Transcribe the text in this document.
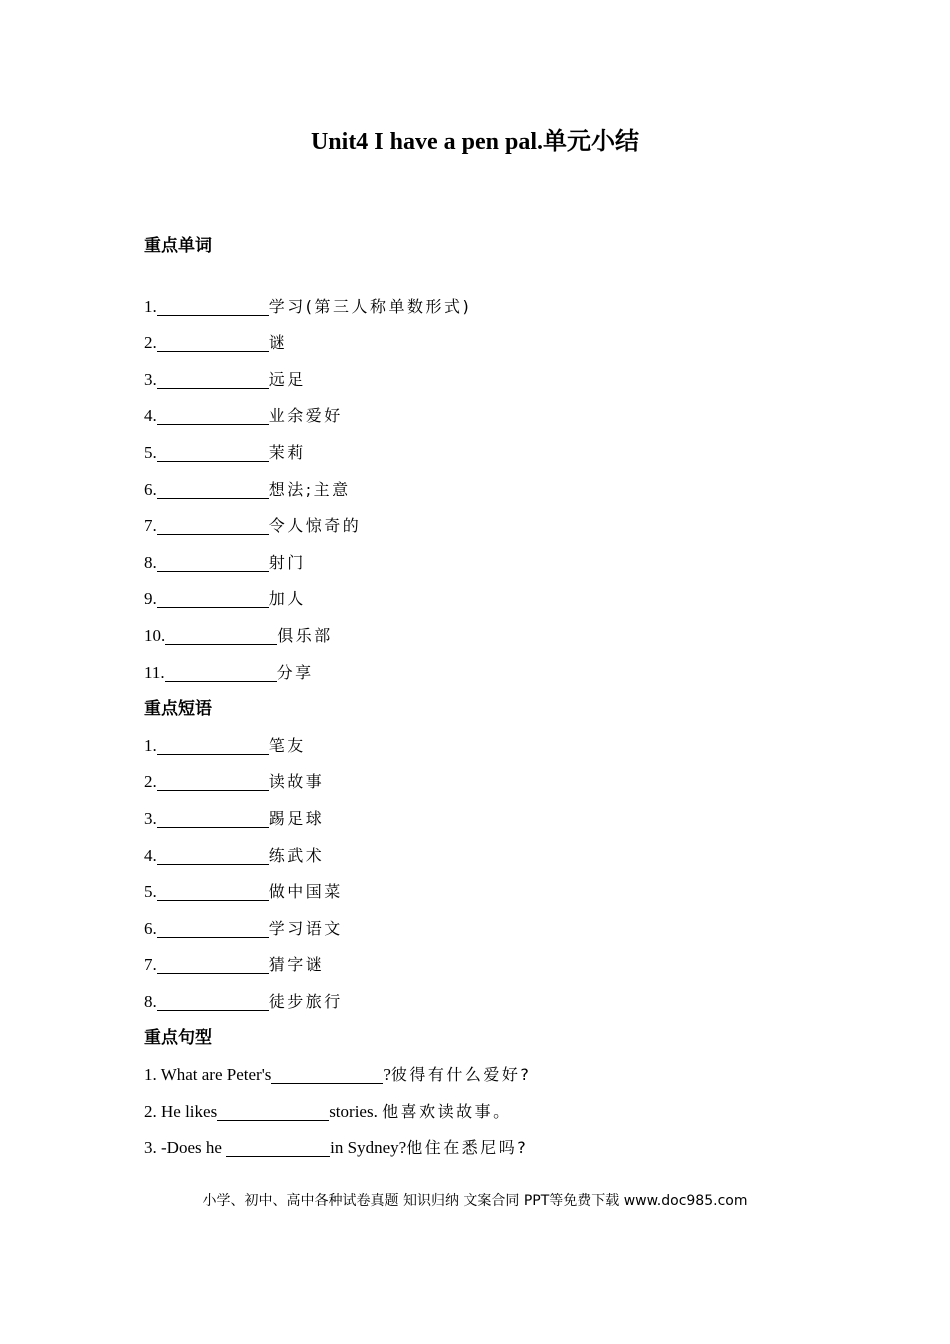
Unit4 I have a pen pal.单元小结
重点单词
1.	学习(第三人称单数形式)
2.	谜
3.	远足
4.	业余爱好
5.	茉莉
6.	想法;主意
7.	令人惊奇的
8.	射门
9.	加人
10.	俱乐部
11.	分享
重点短语
1.	笔友
2.	读故事
3.	踢足球
4.	练武术
5.	做中国菜
6.	学习语文
7.	猜字谜
8.	徒步旅行
重点句型
1. What are Peter's	?彼得有什么爱好?
2. He likes	stories. 他喜欢读故事。
3. -Does he	in Sydney?他住在悉尼吗?
小学、初中、高中各种试卷真题 知识归纳 文案合同 PPT等免费下载 www.doc985.com
